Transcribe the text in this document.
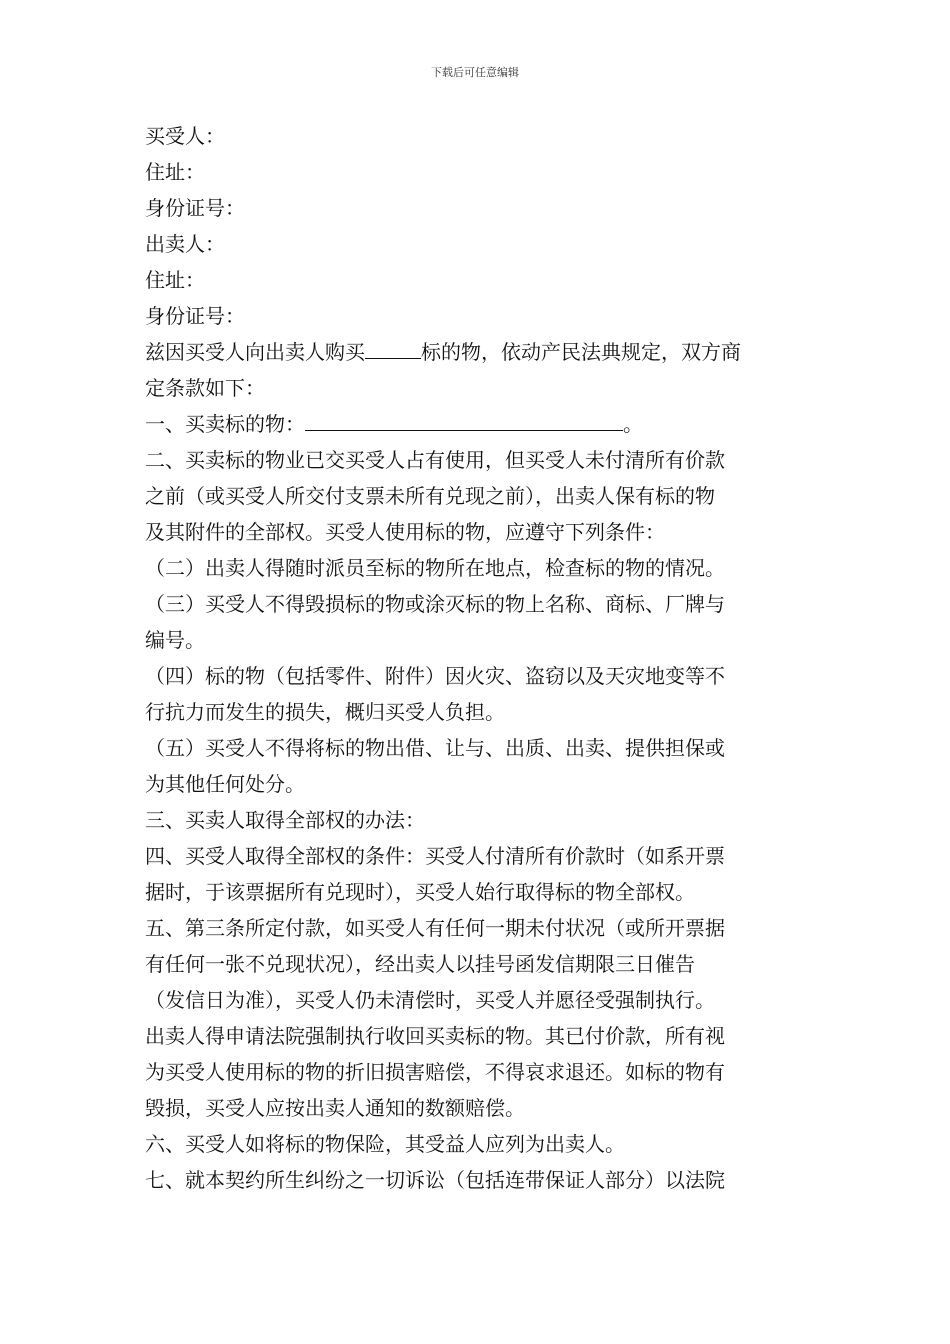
下载后可任意编辑

买受人：

住址：

身份证号：

出卖人：

住址：

身份证号：

兹因买受人向出卖人购买	标的物，依动产民法典规定，双方商

定条款如下：

一、买卖标的物：	。

二、买卖标的物业已交买受人占有使用，但买受人未付清所有价款

之前（或买受人所交付支票未所有兑现之前），出卖人保有标的物

及其附件的全部权。买受人使用标的物，应遵守下列条件：

（二）出卖人得随时派员至标的物所在地点，检查标的物的情况。

（三）买受人不得毁损标的物或涂灭标的物上名称、商标、厂牌与

编号。

（四）标的物（包括零件、附件）因火灾、盗窃以及天灾地变等不

行抗力而发生的损失，概归买受人负担。

（五）买受人不得将标的物出借、让与、出质、出卖、提供担保或

为其他任何处分。

三、买卖人取得全部权的办法：

四、买受人取得全部权的条件：买受人付清所有价款时（如系开票

据时，于该票据所有兑现时），买受人始行取得标的物全部权。

五、第三条所定付款，如买受人有任何一期未付状况（或所开票据

有任何一张不兑现状况），经出卖人以挂号函发信期限三日催告

（发信日为准），买受人仍未清偿时，买受人并愿径受强制执行。

出卖人得申请法院强制执行收回买卖标的物。其已付价款，所有视

为买受人使用标的物的折旧损害赔偿，不得哀求退还。如标的物有

毁损，买受人应按出卖人通知的数额赔偿。

六、买受人如将标的物保险，其受益人应列为出卖人。

七、就本契约所生纠纷之一切诉讼（包括连带保证人部分）以法院
